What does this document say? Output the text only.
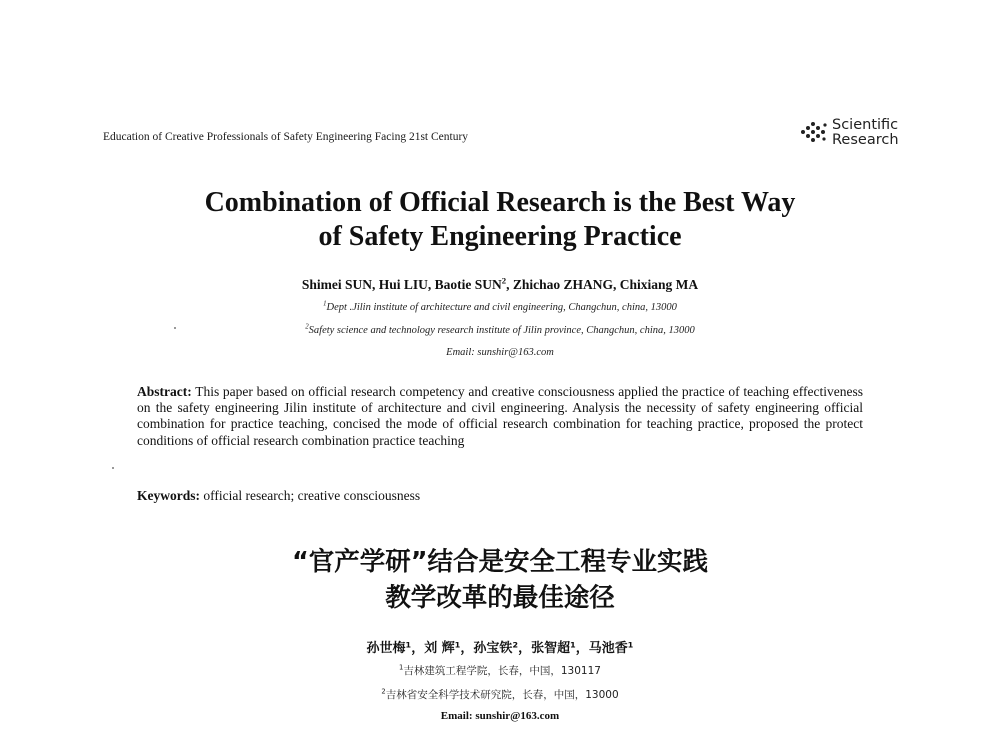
Education of Creative Professionals of Safety Engineering Facing 21st Century
Scientific
Research
Combination of Official Research is the Best Way
of Safety Engineering Practice
Shimei SUN, Hui LIU, Baotie SUN$^2$, Zhichao ZHANG, Chixiang MA
$^1$Dept .Jilin institute of architecture and civil engineering, Changchun, china, 13000
$^2$Safety science and technology research institute of Jilin province, Changchun, china, 13000
Email: sunshir@163.com
Abstract: This paper based on official research competency and creative consciousness applied the practice of teaching effectiveness on the safety engineering Jilin institute of architecture and civil engineering. Analysis the necessity of safety engineering official combination for practice teaching, concised the mode of official research combination for teaching practice, proposed the protect conditions of official research combination practice teaching
Keywords: official research; creative consciousness
“官产学研”结合是安全工程专业实践
教学改革的最佳途径
孙世梅¹，刘 辉¹，孙宝铁²，张智超¹，马池香¹
$^1$吉林建筑工程学院，长春，中国，130117
$^2$吉林省安全科学技术研究院，长春，中国，13000
Email: sunshir@163.com
